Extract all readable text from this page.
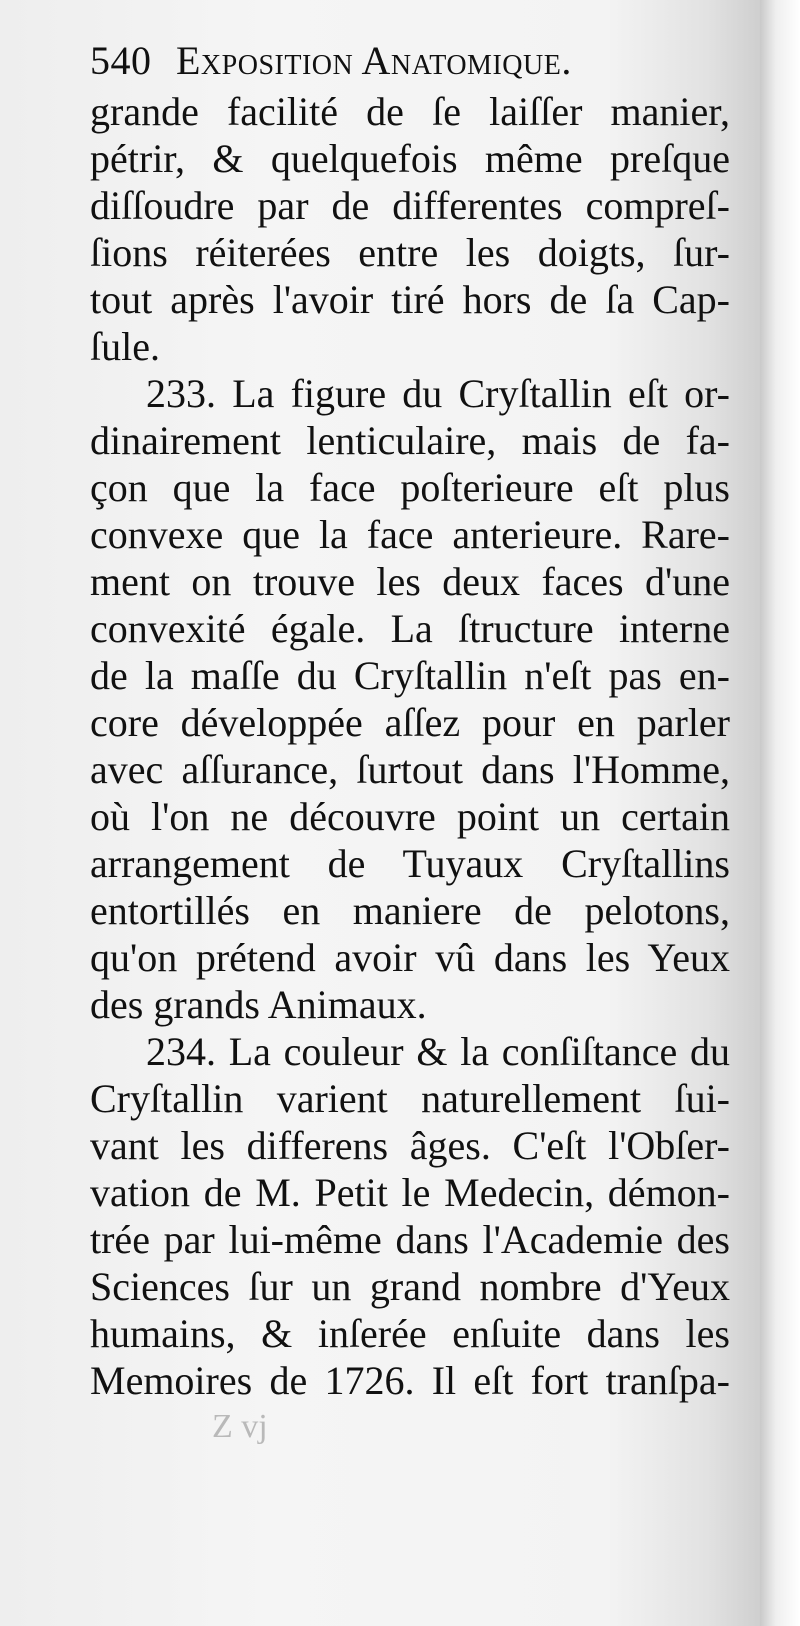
540 Exposition Anatomique.
grande facilité de ſe laiſſer manier,
pétrir, & quelquefois même preſque
diſſoudre par de differentes compreſ-
ſions réiterées entre les doigts, ſur-
tout après l'avoir tiré hors de ſa Cap-
ſule.
233. La figure du Cryſtallin eſt or-
dinairement lenticulaire, mais de fa-
çon que la face poſterieure eſt plus
convexe que la face anterieure. Rare-
ment on trouve les deux faces d'une
convexité égale. La ſtructure interne
de la maſſe du Cryſtallin n'eſt pas en-
core développée aſſez pour en parler
avec aſſurance, ſurtout dans l'Homme,
où l'on ne découvre point un certain
arrangement de Tuyaux Cryſtallins
entortillés en maniere de pelotons,
qu'on prétend avoir vû dans les Yeux
des grands Animaux.
234. La couleur & la conſiſtance du
Cryſtallin varient naturellement ſui-
vant les differens âges. C'eſt l'Obſer-
vation de M. Petit le Medecin, démon-
trée par lui-même dans l'Academie des
Sciences ſur un grand nombre d'Yeux
humains, & inſerée enſuite dans les
Memoires de 1726. Il eſt fort tranſpa-
Z vj
